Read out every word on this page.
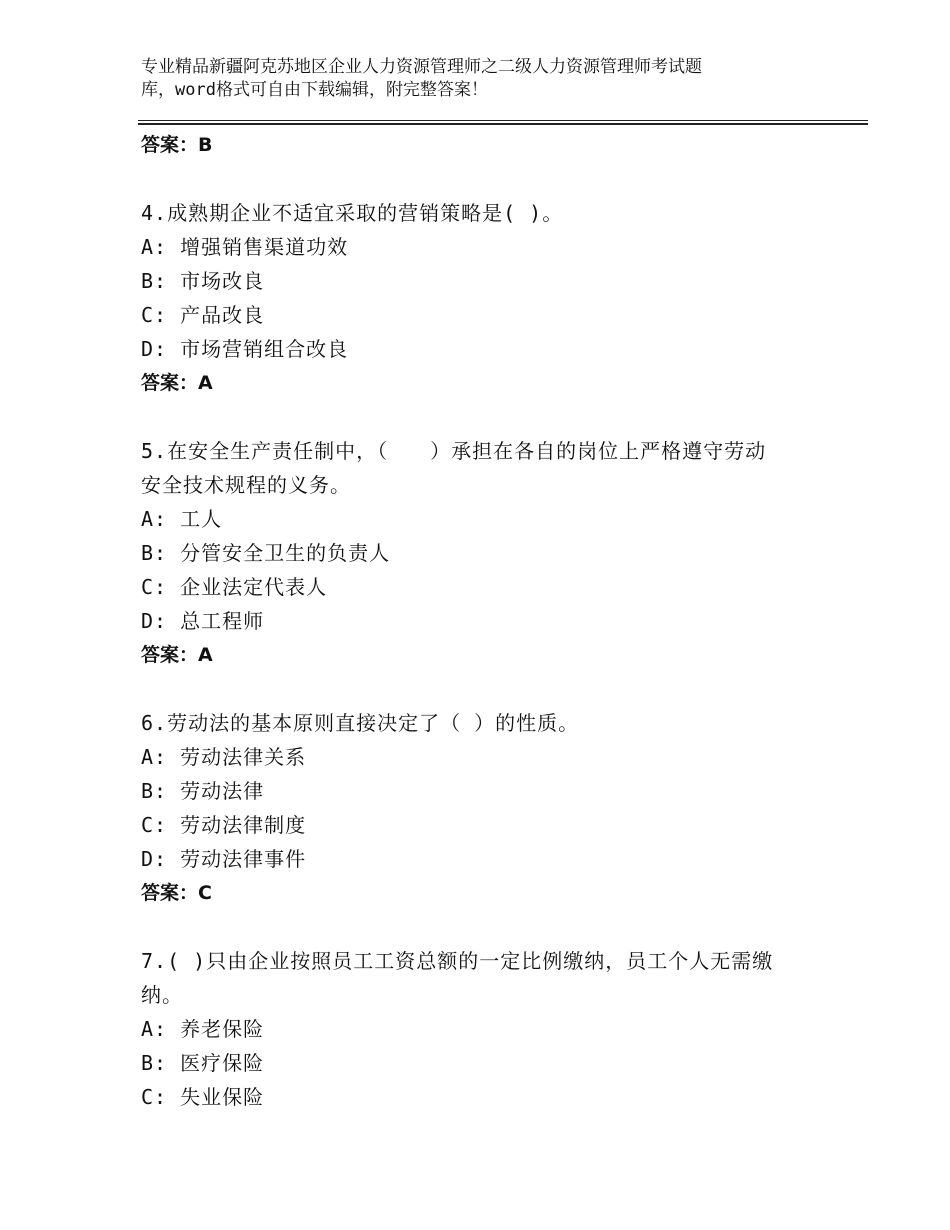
专业精品新疆阿克苏地区企业人力资源管理师之二级人力资源管理师考试题
库，word格式可自由下载编辑，附完整答案！
答案：B
4.成熟期企业不适宜采取的营销策略是( )。
A: 增强销售渠道功效
B: 市场改良
C: 产品改良
D: 市场营销组合改良
答案：A
5.在安全生产责任制中，（　　）承担在各自的岗位上严格遵守劳动
安全技术规程的义务。
A: 工人
B: 分管安全卫生的负责人
C: 企业法定代表人
D: 总工程师
答案：A
6.劳动法的基本原则直接决定了（ ）的性质。
A: 劳动法律关系
B: 劳动法律
C: 劳动法律制度
D: 劳动法律事件
答案：C
7.( )只由企业按照员工工资总额的一定比例缴纳，员工个人无需缴
纳。
A: 养老保险
B: 医疗保险
C: 失业保险
